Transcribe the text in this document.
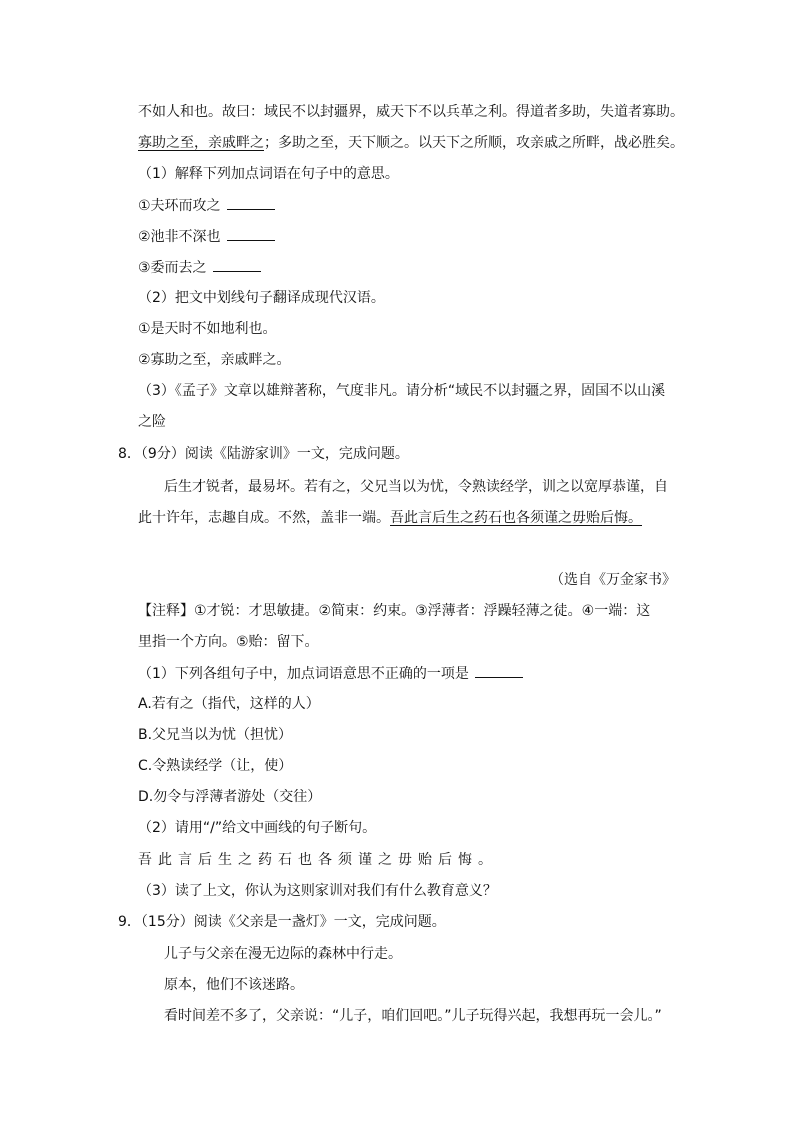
不如人和也。故曰：域民不以封疆界，威天下不以兵革之利。得道者多助，失道者寡助。
寡助之至，亲戚畔之；多助之至，天下顺之。以天下之所顺，攻亲戚之所畔，战必胜矣。
（1）解释下列加点词语在句子中的意思。
①夫环而攻之
②池非不深也
③委而去之
（2）把文中划线句子翻译成现代汉语。
①是天时不如地利也。
②寡助之至，亲戚畔之。
（3）《孟子》文章以雄辩著称，气度非凡。请分析“域民不以封疆之界，固国不以山溪
之险
8．（9分）阅读《陆游家训》一文，完成问题。
后生才锐者，最易坏。若有之，父兄当以为忧，令熟读经学，训之以宽厚恭谨，自
此十许年，志趣自成。不然，盖非一端。吾此言后生之药石也各须谨之毋贻后悔。
（选自《万金家书》
【注释】①才锐：才思敏捷。②简束：约束。③浮薄者：浮躁轻薄之徒。④一端：这
里指一个方向。⑤贻：留下。
（1）下列各组句子中，加点词语意思不正确的一项是
A.若有之（指代，这样的人）
B.父兄当以为忧（担忧）
C.令熟读经学（让，使）
D.勿令与浮薄者游处（交往）
（2）请用“/”给文中画线的句子断句。
吾此言后生之药石也各须谨之毋贻后悔。
（3）读了上文，你认为这则家训对我们有什么教育意义？
9．（15分）阅读《父亲是一盏灯》一文，完成问题。
儿子与父亲在漫无边际的森林中行走。
原本，他们不该迷路。
看时间差不多了，父亲说：“儿子，咱们回吧。”儿子玩得兴起，我想再玩一会儿。”
